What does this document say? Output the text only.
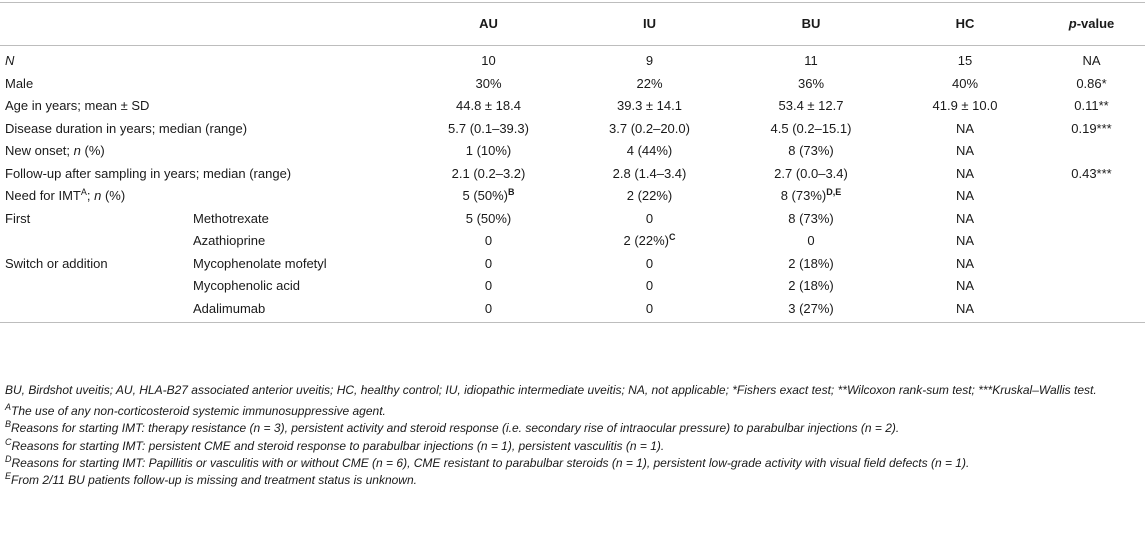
		AU	IU	BU	HC	p-value
N		10	9	11	15	NA
Male		30%	22%	36%	40%	0.86*
Age in years; mean ± SD		44.8 ± 18.4	39.3 ± 14.1	53.4 ± 12.7	41.9 ± 10.0	0.11**
Disease duration in years; median (range)		5.7 (0.1–39.3)	3.7 (0.2–20.0)	4.5 (0.2–15.1)	NA	0.19***
New onset; n (%)		1 (10%)	4 (44%)	8 (73%)	NA	
Follow-up after sampling in years; median (range)		2.1 (0.2–3.2)	2.8 (1.4–3.4)	2.7 (0.0–3.4)	NA	0.43***
Need for $IMT^A$; n (%)		5 $(50\%)^B$	2 (22%)	8 $(73\%)^{D,E}$	NA	
First	Methotrexate	5 (50%)	0	8 (73%)	NA	
	Azathioprine	0	2 $(22\%)^C$	0	NA	
Switch or addition	Mycophenolate mofetyl	0	0	2 (18%)	NA	
	Mycophenolic acid	0	0	2 (18%)	NA	
	Adalimumab	0	0	3 (27%)	NA	

BU, Birdshot uveitis; AU, HLA-B27 associated anterior uveitis; HC, healthy control; IU, idiopathic intermediate uveitis; NA, not applicable; *Fishers exact test; **Wilcoxon rank-sum test; ***Kruskal–Wallis test.

$^A$The use of any non-corticosteroid systemic immunosuppressive agent.

$^B$Reasons for starting IMT: therapy resistance (n = 3), persistent activity and steroid response (i.e. secondary rise of intraocular pressure) to parabulbar injections (n = 2).

$^C$Reasons for starting IMT: persistent CME and steroid response to parabulbar injections (n = 1), persistent vasculitis (n = 1).

$^D$Reasons for starting IMT: Papillitis or vasculitis with or without CME (n = 6), CME resistant to parabulbar steroids (n = 1), persistent low-grade activity with visual field defects (n = 1).

$^E$From 2/11 BU patients follow-up is missing and treatment status is unknown.
